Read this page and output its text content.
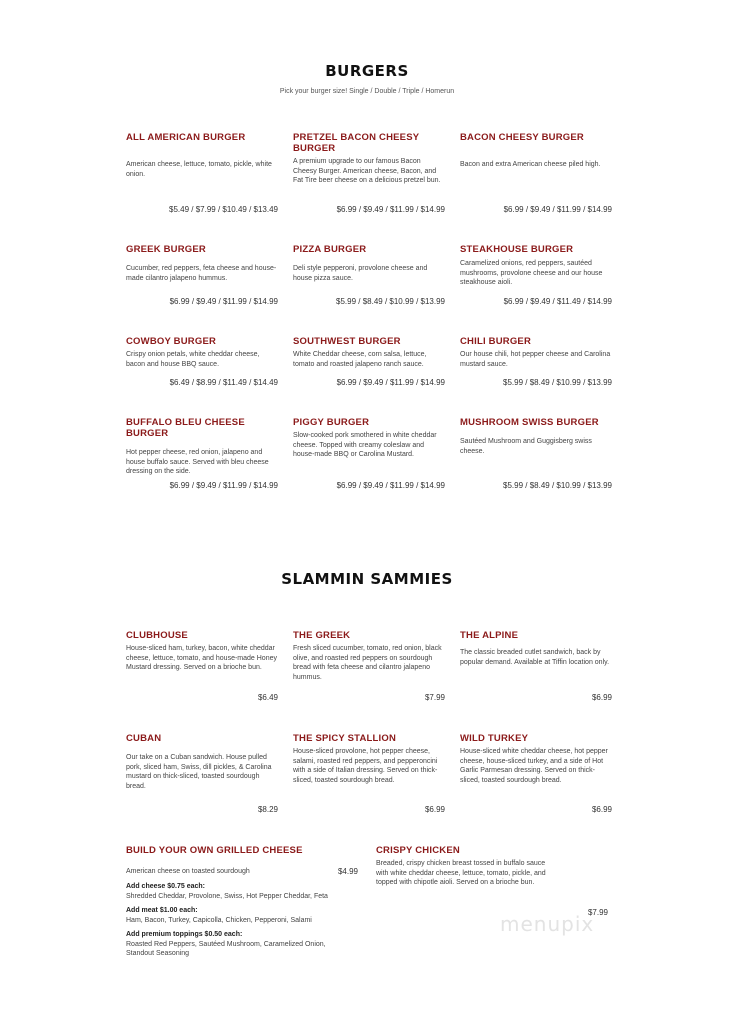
BURGERS
Pick your burger size! Single / Double / Triple / Homerun
ALL AMERICAN BURGER
American cheese, lettuce, tomato, pickle, white onion.
$5.49 / $7.99 / $10.49 / $13.49
PRETZEL BACON CHEESY BURGER
A premium upgrade to our famous Bacon Cheesy Burger. American cheese, Bacon, and Fat Tire beer cheese on a delicious pretzel bun.
$6.99 / $9.49 / $11.99 / $14.99
BACON CHEESY BURGER
Bacon and extra American cheese piled high.
$6.99 / $9.49 / $11.99 / $14.99
GREEK BURGER
Cucumber, red peppers, feta cheese and house-made cilantro jalapeno hummus.
$6.99 / $9.49 / $11.99 / $14.99
PIZZA BURGER
Deli style pepperoni, provolone cheese and house pizza sauce.
$5.99 / $8.49 / $10.99 / $13.99
STEAKHOUSE BURGER
Caramelized onions, red peppers, sautéed mushrooms, provolone cheese and our house steakhouse aioli.
$6.99 / $9.49 / $11.49 / $14.99
COWBOY BURGER
Crispy onion petals, white cheddar cheese, bacon and house BBQ sauce.
$6.49 / $8.99 / $11.49 / $14.49
SOUTHWEST BURGER
White Cheddar cheese, corn salsa, lettuce, tomato and roasted jalapeno ranch sauce.
$6.99 / $9.49 / $11.99 / $14.99
CHILI BURGER
Our house chili, hot pepper cheese and Carolina mustard sauce.
$5.99 / $8.49 / $10.99 / $13.99
BUFFALO BLEU CHEESE BURGER
Hot pepper cheese, red onion, jalapeno and house buffalo sauce. Served with bleu cheese dressing on the side.
$6.99 / $9.49 / $11.99 / $14.99
PIGGY BURGER
Slow-cooked pork smothered in white cheddar cheese. Topped with creamy coleslaw and house-made BBQ or Carolina Mustard.
$6.99 / $9.49 / $11.99 / $14.99
MUSHROOM SWISS BURGER
Sautéed Mushroom and Guggisberg swiss cheese.
$5.99 / $8.49 / $10.99 / $13.99
SLAMMIN SAMMIES
CLUBHOUSE
House-sliced ham, turkey, bacon, white cheddar cheese, lettuce, tomato, and house-made Honey Mustard dressing. Served on a brioche bun.
$6.49
THE GREEK
Fresh sliced cucumber, tomato, red onion, black olive, and roasted red peppers on sourdough bread with feta cheese and cilantro jalapeno hummus.
$7.99
THE ALPINE
The classic breaded cutlet sandwich, back by popular demand. Available at Tiffin location only.
$6.99
CUBAN
Our take on a Cuban sandwich. House pulled pork, sliced ham, Swiss, dill pickles, & Carolina mustard on thick-sliced, toasted sourdough bread.
$8.29
THE SPICY STALLION
House-sliced provolone, hot pepper cheese, salami, roasted red peppers, and pepperoncini with a side of Italian dressing. Served on thick-sliced, toasted sourdough bread.
$6.99
WILD TURKEY
House-sliced white cheddar cheese, hot pepper cheese, house-sliced turkey, and a side of Hot Garlic Parmesan dressing. Served on thick-sliced, toasted sourdough bread.
$6.99
BUILD YOUR OWN GRILLED CHEESE
American cheese on toasted sourdough	$4.99
Add cheese $0.75 each:
Shredded Cheddar, Provolone, Swiss, Hot Pepper Cheddar, Feta
Add meat $1.00 each:
Ham, Bacon, Turkey, Capicolla, Chicken, Pepperoni, Salami
Add premium toppings $0.50 each:
Roasted Red Peppers, Sautéed Mushroom, Caramelized Onion, Standout Seasoning
CRISPY CHICKEN
Breaded, crispy chicken breast tossed in buffalo sauce with white cheddar cheese, lettuce, tomato, pickle, and topped with chipotle aioli. Served on a brioche bun.
$7.99
menupix
